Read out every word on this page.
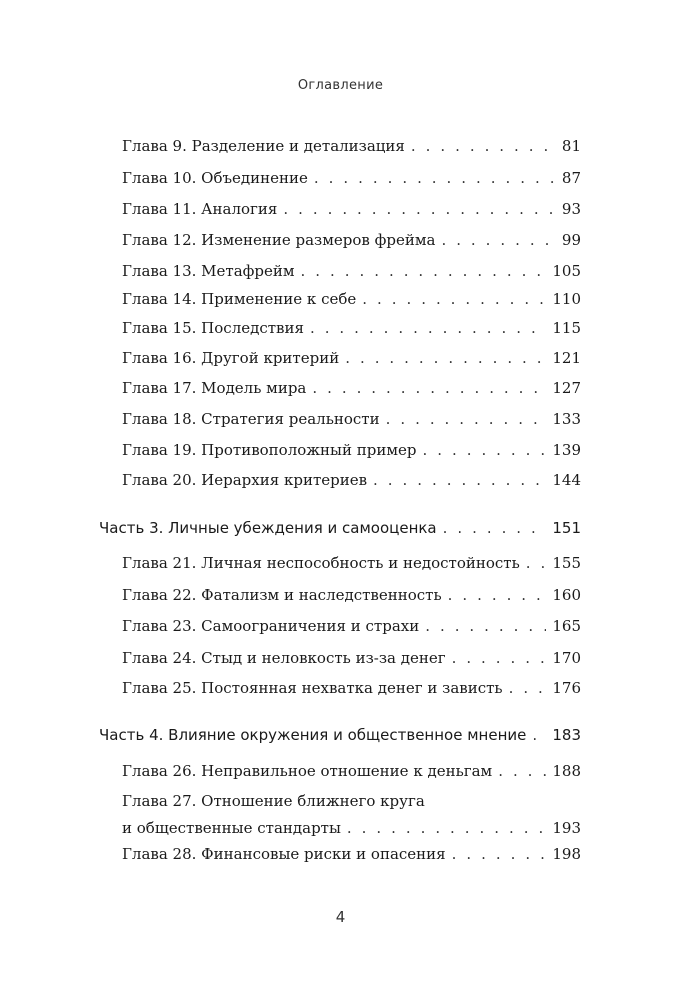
Оглавление
Глава 9. Разделение и детализация . . .	81
Глава 10. Объединение . . .	87
Глава 11. Аналогия . . .	93
Глава 12. Изменение размеров фрейма . . .	99
Глава 13. Метафрейм . . .	105
Глава 14. Применение к себе . . .	110
Глава 15. Последствия . . .	115
Глава 16. Другой критерий . . .	121
Глава 17. Модель мира . . .	127
Глава 18. Стратегия реальности . . .	133
Глава 19. Противоположный пример . . .	139
Глава 20. Иерархия критериев . . .	144
Часть 3. Личные убеждения и самооценка . . .	151
Глава 21. Личная неспособность и недостойность . . . 155
Глава 22. Фатализм и наследственность . . .	160
Глава 23. Самоограничения и страхи . . .	165
Глава 24. Стыд и неловкость из-за денег . . .	170
Глава 25. Постоянная нехватка денег и зависть . . .	176
Часть 4. Влияние окружения и общественное мнение . . . 183
Глава 26. Неправильное отношение к деньгам . . .	188
Глава 27. Отношение ближнего круга
и общественные стандарты . . .	193
Глава 28. Финансовые риски и опасения . . .	198
4
